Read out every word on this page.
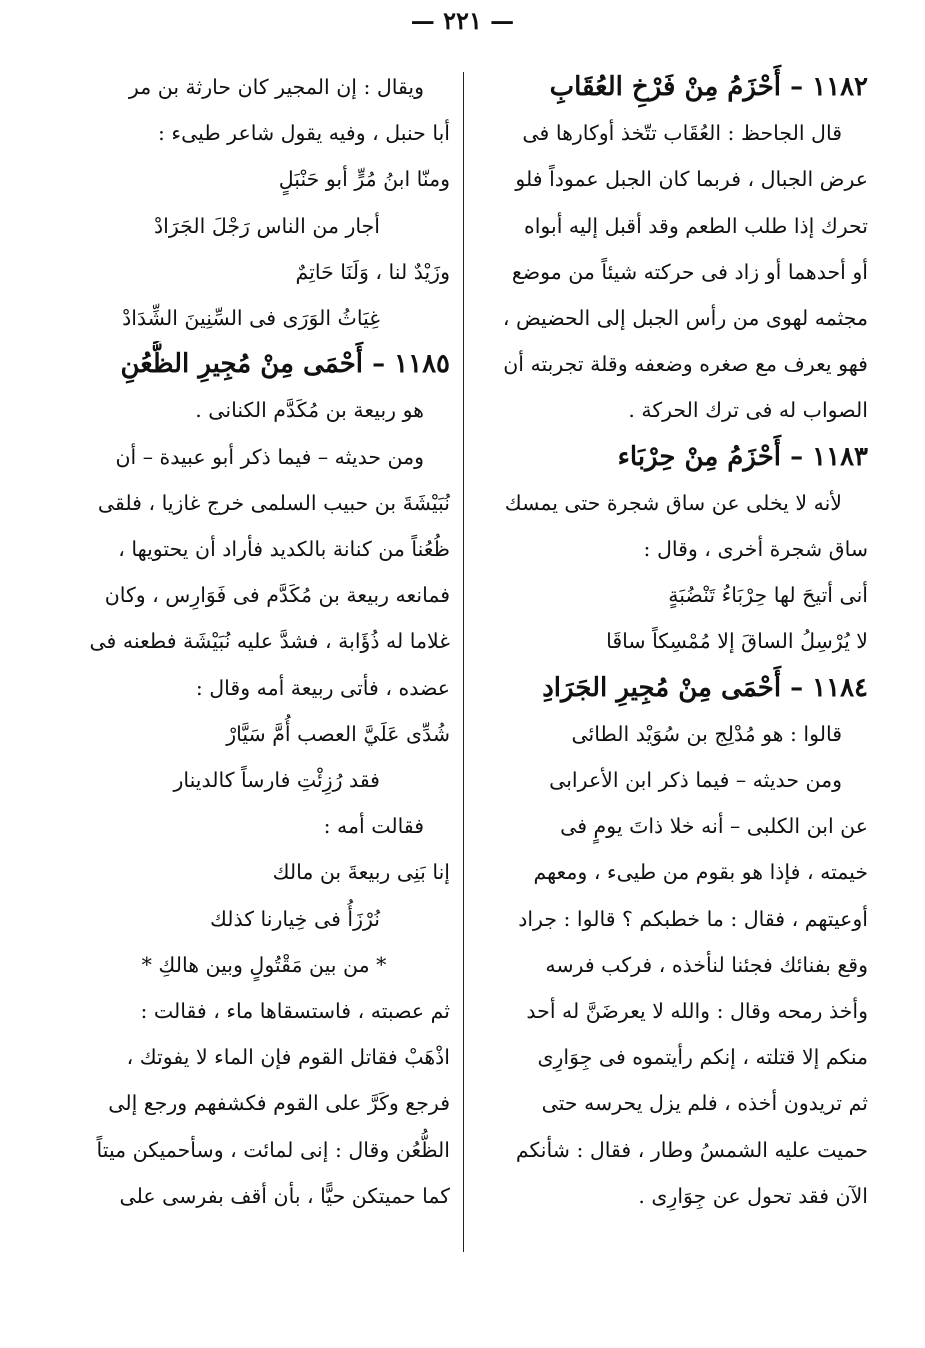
— ٢٢١ —
١١٨٢ – أَحْزَمُ مِنْ فَرْخِ العُقَابِ
قال الجاحظ : العُقَاب تتّخذ أوكارها فى
عرض الجبال ، فربما كان الجبل عموداً فلو
تحرك إذا طلب الطعم وقد أقبل إليه أبواه
أو أحدهما أو زاد فى حركته شيئاً من موضع
مجثمه لهوى من رأس الجبل إلى الحضيض ،
فهو يعرف مع صغره وضعفه وقلة تجربته أن
الصواب له فى ترك الحركة .
١١٨٣ – أَحْزَمُ مِنْ حِرْبَاء
لأنه لا يخلى عن ساق شجرة حتى يمسك
ساق شجرة أخرى ، وقال :
أنى أتيحَ لها حِرْبَاءُ تَنْضُبَةٍ
لا يُرْسِلُ الساقَ إلا مُمْسِكاً ساقَا
١١٨٤ – أَحْمَى مِنْ مُجِيرِ الجَرَادِ
قالوا : هو مُدْلِج بن سُوَيْد الطائى
ومن حديثه – فيما ذكر ابن الأعرابى
عن ابن الكلبى – أنه خلا ذاتَ يومٍ فى
خيمته ، فإذا هو بقوم من طيىء ، ومعهم
أوعيتهم ، فقال : ما خطبكم ؟ قالوا : جراد
وقع بفنائك فجئنا لنأخذه ، فركب فرسه
وأخذ رمحه وقال : والله لا يعرضَنَّ له أحد
منكم إلا قتلته ، إنكم رأيتموه فى جِوَارِى
ثم تريدون أخذه ، فلم يزل يحرسه حتى
حميت عليه الشمسُ وطار ، فقال : شأنكم
الآن فقد تحول عن جِوَارِى .
ويقال : إن المجير كان حارثة بن مر
أبا حنبل ، وفيه يقول شاعر طيىء :
ومنّا ابنُ مُرٍّ أبو حَنْبَلٍ
أجار من الناس رَجْلَ الجَرَادْ
وزَيْدٌ لنا ، وَلَنَا حَاتِمٌ
غِيَاثُ الوَرَى فى السِّنِينَ الشِّدَادْ
١١٨٥ – أَحْمَى مِنْ مُجِيرِ الظُّعُنِ
هو ربيعة بن مُكَدَّم الكنانى .
ومن حديثه – فيما ذكر أبو عبيدة – أن
نُبَيْشَةَ بن حبيب السلمى خرج غازيا ، فلقى
ظُعُناً من كنانة بالكديد فأراد أن يحتويها ،
فمانعه ربيعة بن مُكَدَّم فى فَوَارِس ، وكان
غلاما له ذُؤَابة ، فشدَّ عليه نُبَيْشَة فطعنه فى
عضده ، فأتى ربيعة أمه وقال :
شُدِّى عَلَيَّ العصب أُمَّ سَيَّارْ
فقد رُزِئْتِ فارساً كالدينار
فقالت أمه :
إنا بَنِى ربيعةَ بن مالك
نُرْزَأُ فى خِيارنا كذلك
* من بين مَقْتُولٍ وبين هالكِ *
ثم عصبته ، فاستسقاها ماء ، فقالت :
اذْهَبْ فقاتل القوم فإن الماء لا يفوتك ،
فرجع وكَرَّ على القوم فكشفهم ورجع إلى
الظُّعُن وقال : إنى لمائت ، وسأحميكن ميتاً
كما حميتكن حيًّا ، بأن أقف بفرسى على
